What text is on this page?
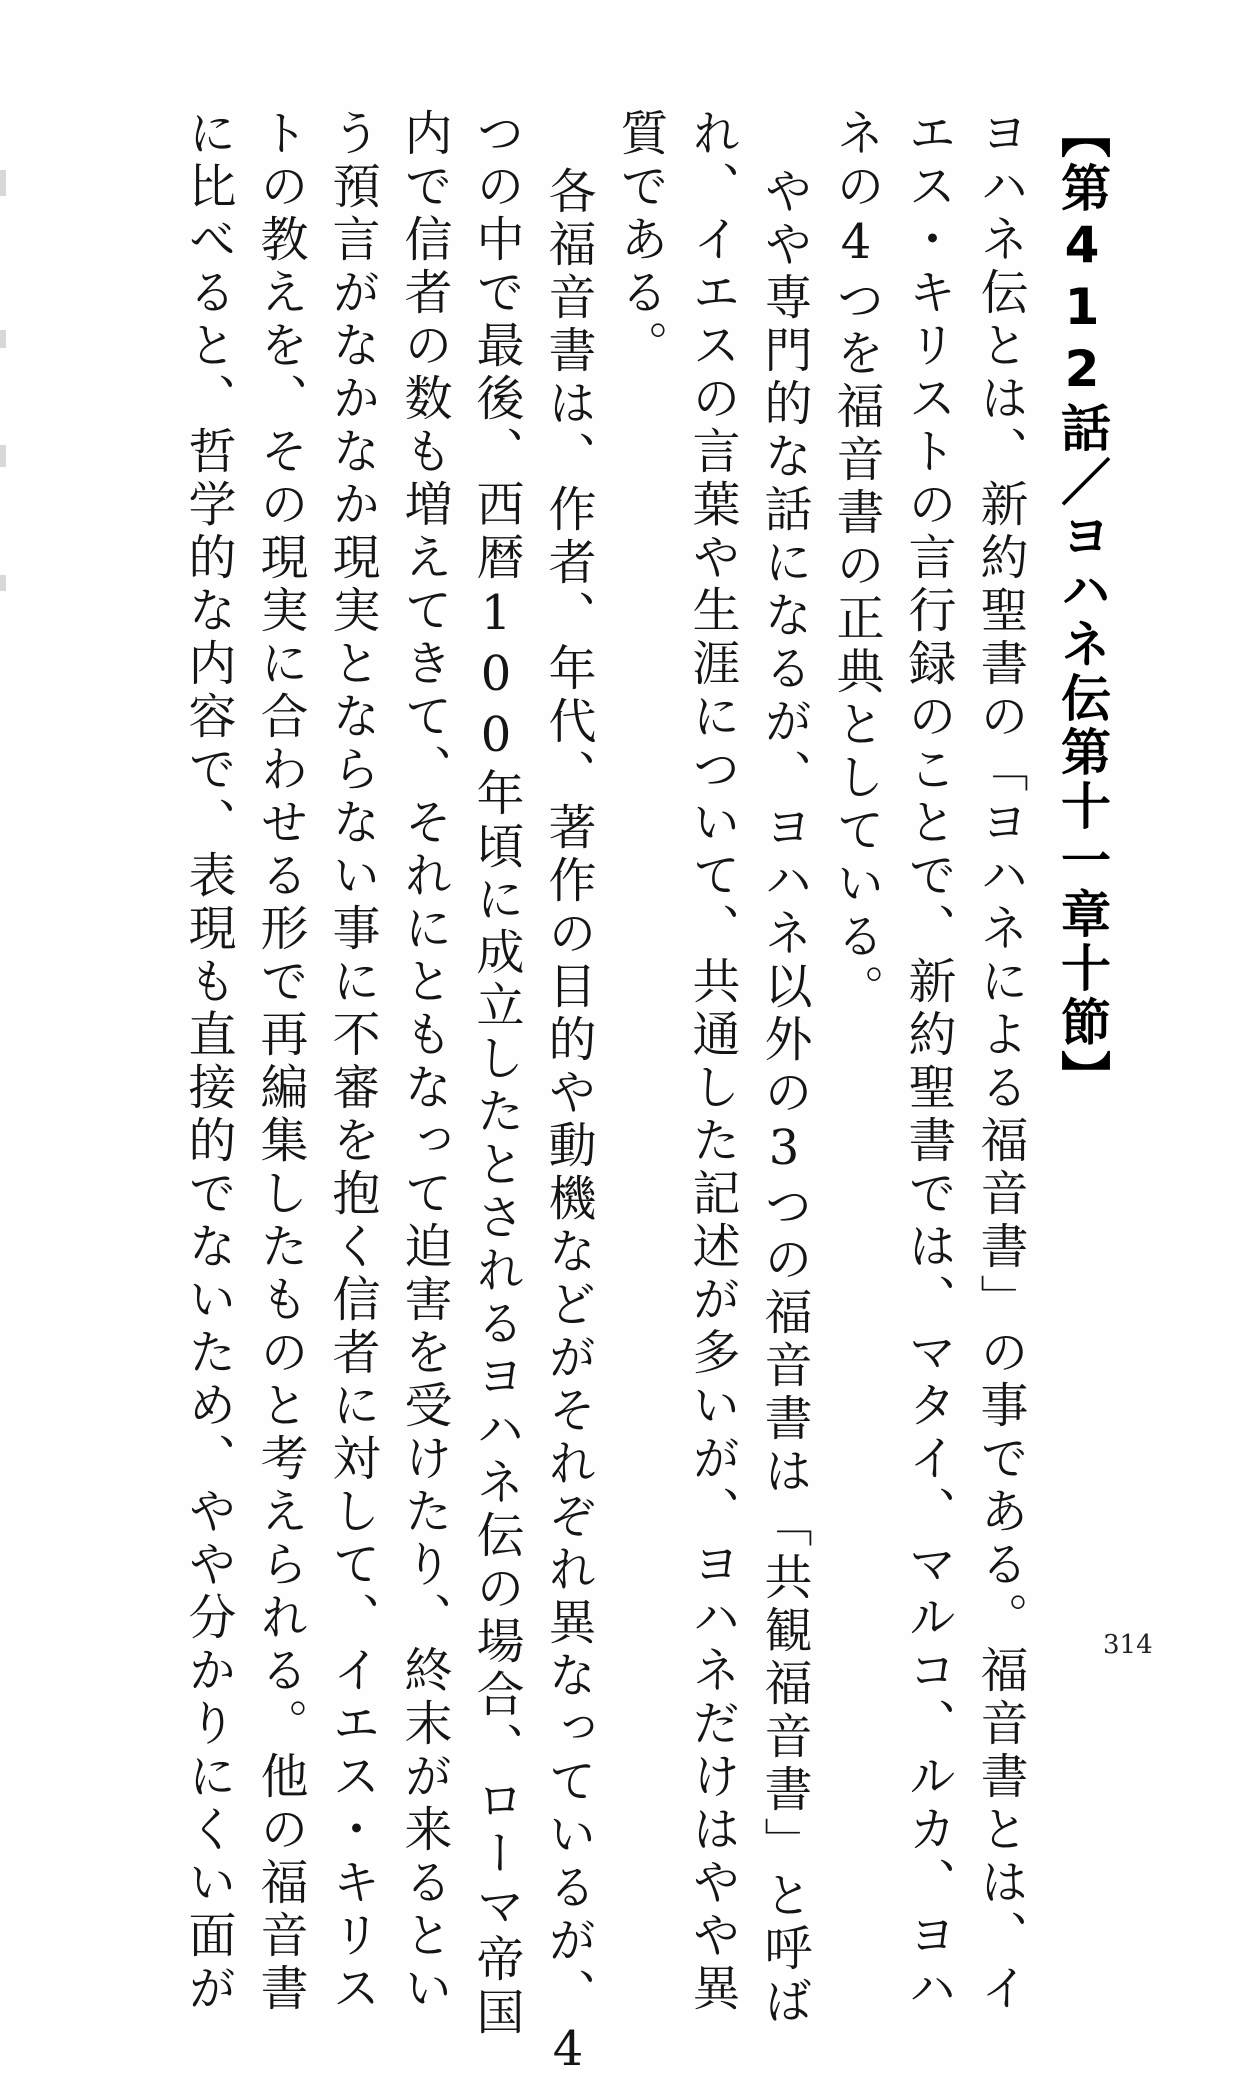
【第412話／ヨハネ伝第十一章十節】
ヨハネ伝とは、新約聖書の「ヨハネによる福音書」の事である。福音書とは、イ
エス・キリストの言行録のことで、新約聖書では、マタイ、マルコ、ルカ、ヨハ
ネの4つを福音書の正典としている。
やや専門的な話になるが、ヨハネ以外の3つの福音書は「共観福音書」と呼ば
れ、イエスの言葉や生涯について、共通した記述が多いが、ヨハネだけはやや異
質である。
各福音書は、作者、年代、著作の目的や動機などがそれぞれ異なっているが、4
つの中で最後、西暦100年頃に成立したとされるヨハネ伝の場合、ローマ帝国
内で信者の数も増えてきて、それにともなって迫害を受けたり、終末が来るとい
う預言がなかなか現実とならない事に不審を抱く信者に対して、イエス・キリス
トの教えを、その現実に合わせる形で再編集したものと考えられる。他の福音書
に比べると、哲学的な内容で、表現も直接的でないため、やや分かりにくい面が	314
